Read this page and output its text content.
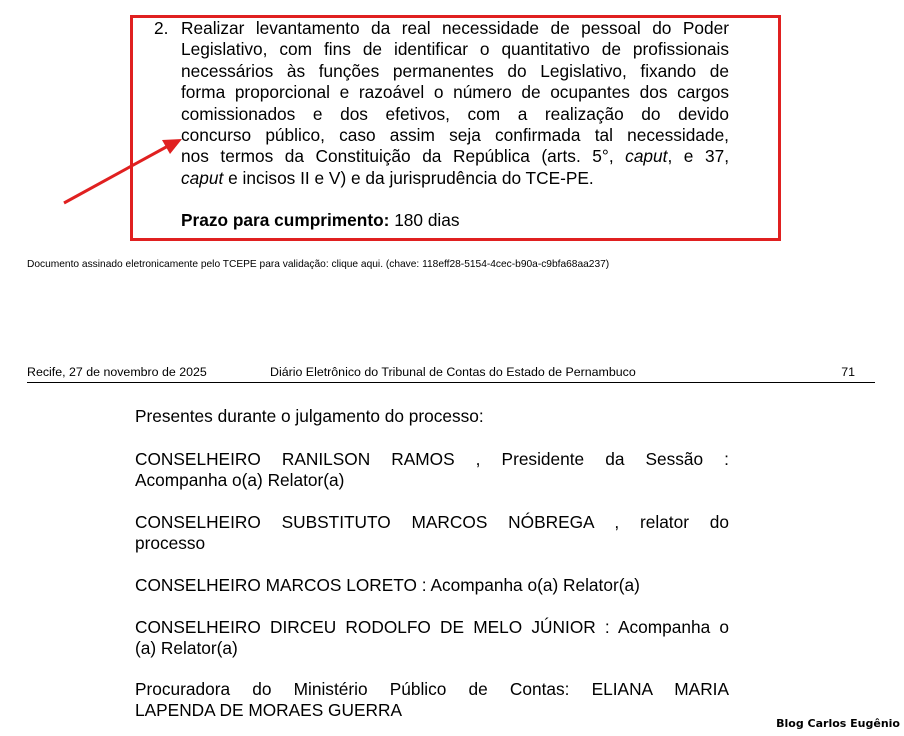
2. Realizar levantamento da real necessidade de pessoal do Poder
Legislativo, com fins de identificar o quantitativo de profissionais
necessários às funções permanentes do Legislativo, fixando de
forma proporcional e razoável o número de ocupantes dos cargos
comissionados e dos efetivos, com a realização do devido
concurso público, caso assim seja confirmada tal necessidade,
nos termos da Constituição da República (arts. 5°, caput, e 37,
caput e incisos II e V) e da jurisprudência do TCE-PE.
Prazo para cumprimento: 180 dias
Documento assinado eletronicamente pelo TCEPE para validação: clique aqui. (chave: 118eff28-5154-4cec-b90a-c9bfa68aa237)
Recife, 27 de novembro de 2025	Diário Eletrônico do Tribunal de Contas do Estado de Pernambuco	71
Presentes durante o julgamento do processo:
CONSELHEIRO RANILSON RAMOS , Presidente da Sessão :
Acompanha o(a) Relator(a)
CONSELHEIRO SUBSTITUTO MARCOS NÓBREGA , relator do
processo
CONSELHEIRO MARCOS LORETO : Acompanha o(a) Relator(a)
CONSELHEIRO DIRCEU RODOLFO DE MELO JÚNIOR : Acompanha o
(a) Relator(a)
Procuradora do Ministério Público de Contas: ELIANA MARIA
LAPENDA DE MORAES GUERRA
Blog Carlos Eugênio
